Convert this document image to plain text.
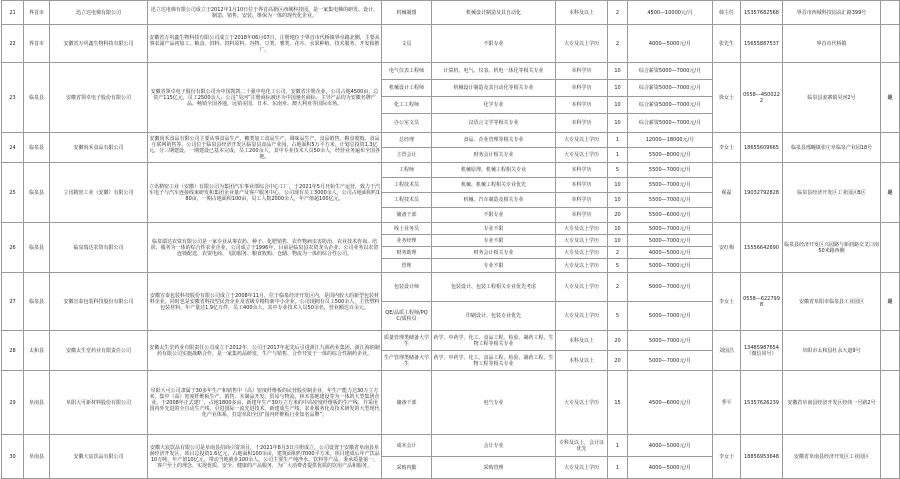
21	界首市	迅立达电梯有限公司	迅立达电梯有限公司成立于2012年1月10日位于界首高新区西城科技园，是一家集电梯的研发、设计、制造、销售、安装、维保为一体的现代化企业。	机械制图	机械设计制造及其自动化	本科及以上	2	4500—10000元/月	韩主任	15357682568	界首市西城科技园高汇路399号	
22	界首市	安徽省万巩鑫生物科技有限公司	安徽省万巩鑫生物科技有限公司成立于2018年06月07日，注册地位于界首市代桥镇界阜路北侧，主要从事农副产品初加工、粮食、饲料、饲料原料、谷物、豆类、薯类、花卉、水果种植、技术服务、开发和推广。	文员	不限专业	大专及以上学历	2	4000—5000元/月	张先生	15655887537	界首市代桥镇	
23	临泉县	安徽省领卓电子股份有限公司	安徽省领卓电子股份有限公司为中国凯凯二十强中电化工公司，安徽省注册企业。公司占地4500亩，总资产115亿元，员工2500余人。公司“昊河”注册商标被评为中国驰名商标，主导产品均为安徽名牌产品、畅销全国各地，远销美国、日本、东南亚、澳大利亚等国际市场。	电气仪表工程师	计算机、电气、仪表、机电一体化等相关专业	本科学历	10	综合薪资5000—7000元/月	徐女士	0558—4500222	临泉县姜寨镇昊河2号	是
				机械设计工程师	机械设计制造及其自动化等相关专业	本科学历	10	综合薪资5000—7000元/月				
				化工工程师	化学专业	本科学历	10	综合薪资5000—7000元/月				
				办公室文员	汉语言文学等相关专业	本科学历	10	综合薪资5000—7000元/月				
24	临泉县	安徽尚禾食品有限公司	安徽尚禾食品有限公司主要从事食品生产、糖类加工食品生产、调味品生产、食品销售、粮食收购、食品互联网销售等。公司位于临泉县经济开发区临泉县食品产业园，占地面积5万平方米，计划总投资1.3亿元，分三期建设，一期建设已基本完成，员工200余人，其中专业技术人员50余人，经营业务遍布全国各地。	总经理	食品、企业管理等相关专业	大专及以上学历	1	12000—18000元/月	李女士	18655609665	临泉县邢疃镇张庄阜临泉产业园18号	
				主管会计	财务会计相关专业	大专及以上学历	1	5500—8000元/月				
25	临泉县	立讯精密工业（安徽）有限公司	立讯精密工业（安徽）有限公司为集团汽车事业部综合中心工厂，于2021年5月开始生产运营，致力于汽车电子与汽车连接线束研发和集团企业量产及客户服务中心，公司现有员工3000余人，公司占地面积约180亩，一期占地面积100亩，员工人数2000余人，年产值超100亿元。	工程师	机械原理、机械工程相关专业	本科学历	5	5500—7000元/月	翟磊	19032792828	临泉县经济开发区工业园区B区	是
				工程技术员	机械、机械工程相关专业优先	本科学历	10	5500—7000元/月				
				工程技术员	机械、汽车制造及相关专业	本科学历	10	5500—7000元/月				
				储备干部	不限专业	本科学历	20	5500—6000元/月				
26	临泉县	临泉瑞达农资有限公司	临泉瑞达农资有限公司是一家专业从事农药、种子、化肥销售、农作物病虫害防治、农业技术咨询、培训、服务为一体的综合性农业企业，公司成立于1996年，目前是临泉县农资龙头企业、公司业务以农资连锁配送、农资电商、飞防服务、粮食收购、仓储、物流为一体的综合性公司。	线上业务员	专业不限	大专及以上学历	10	5000—7000元/月	安红梅	15556642690	临泉县经济开发区兴园路与新润路交叉口南50米路西侧	
				业务经理	专业不限	大专及以上学历	10	5000—7000元/月				
				财务助理	财务会计相关专业	大专及以上学历	2	4000—5000元/月				
				管理	专业不限	大专及以上学历	5	5000—7000元/月				
27	临泉县	安徽宣泰包装科技股份有限公司	安徽宣泰包装科技股份有限公司成立于2008年11月，位于临泉经济开发区内，是国内较大的新型包装材料企业，同时也是安徽省科技型民营企业及省级专精特新中小企业。公司现拥有员工500余人，主营塑料包装材料，年产量达1.9亿万件，员工400余人，其中专业技术人员50余名，营业额达百余元。	包装设计师	包装设计、包装工程相关专业优先考虑	大专及以上学历	2	5000—7000元/月	李女士	0558—6227998	安徽省阜阳市临泉县工业园区	是
				QE/品质工程师/PQC/质检员	印刷设计、包装专业优先	大专及以上学历	5	5000—7000元/月				
28	太和县	安徽太生堂药业有限责任公司	安徽太生堂药业有限责任公司成立于2012年，公司于2017年起先后引进浙江九源药业集团、浙江海润制药有限公司实施战略合作，是一家集药品研发、生产与销售、合作开发于一体的综合性制药企业。	质量管理类储备大学生	药学、中药学、化工、食品工程、检验、制药工程、生物工程等相关专业	本科及以上	20	5000—7000元/月	刘国昌	13485987654（微信同号）	阜阳市太和县杜永大道9号	
				生产管理类储备大学生	药学、中药学、化工、食品工程、检验、制药工程、生物工程等相关专业	本科及以上	20	5000—7000元/月				
29	阜南县	阜阳大可新材料股份有限公司	阜阳大可公司隶属于30多年生产和销售中（高）密度纤维板的民营股份制企业，年生产能力达30万立方米，集中（高）密度纤维板生产、销售、木制品开发、贸易与物流、林木基地建设等为一体的大型集团企业。于2008年正式建厂，占地1800多亩，新建年生产30万立方米的中高密度纤维板的生产线、并采用国内外先进的全自动生产线，引进国际一流先进技术，新建成生产线、农业服务化及技术研发的大型现代化产业体系，打造阜阳全国“国内纤维板行业知名品牌”。	储备干部	电气专业	大专及以上学历	15	4500—6000元/月	季平	15357626239	安徽省阜南县经济开发区经纬一号路2号	
30	阜南县	安徽大宸饮品有限公司	安徽大宸饮品有限公司是阜南县招商引资项目，于2021年8月3日注册成立，公司设置于安徽省阜南县阜南经济开发区。项目总投资1.6亿元，占地面积100余亩，建筑面积约7000平方米。项目建成后年产饮品10万吨，年产值10亿元，带动当地就业100余人。公司主要生产纯净水、饮料等产品，秉承质量第一、客户至上的理念，实现优质、安全、健康的产品服务，为广大消费者提供优质的饮用产品和服务。	成本会计	会计专业	专科及以上，会计证优先	1	4000—5000元/月	李女士	18856953648	安徽省阜南县经济开发区工业园区	
				采购内勤	采购管理	大专及以上学历	1	4000—5000元/月				
